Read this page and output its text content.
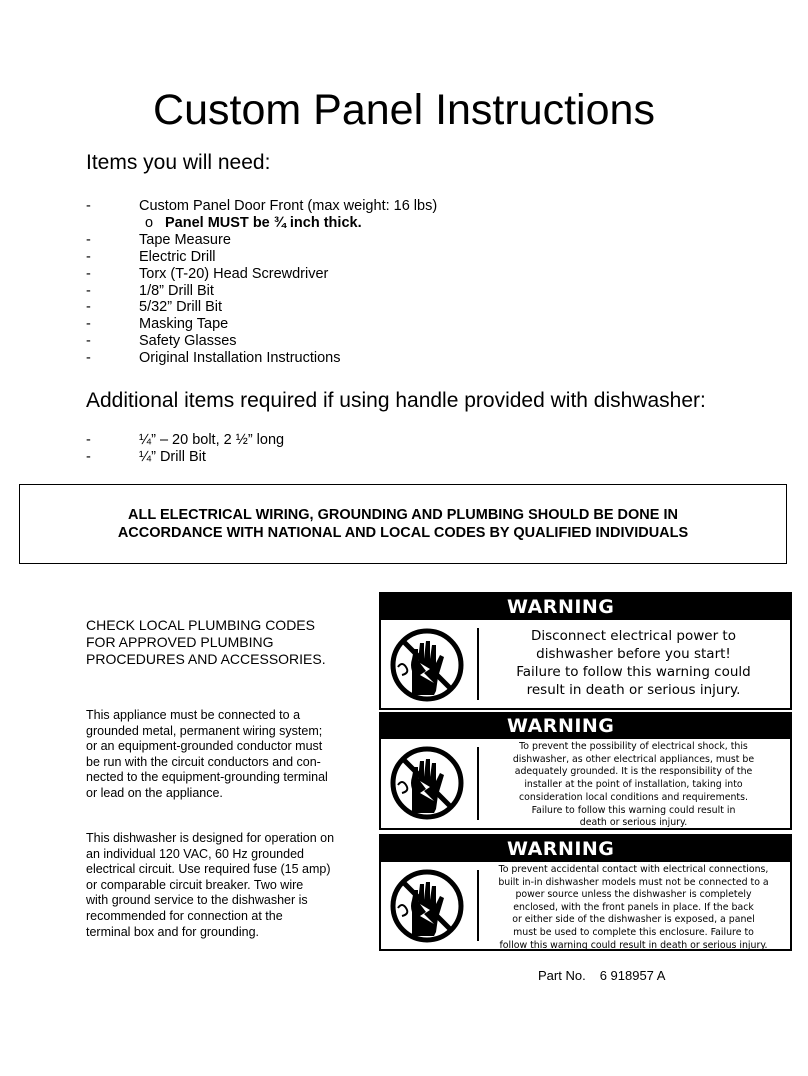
Custom Panel Instructions
Items you will need:
-	Custom Panel Door Front (max weight: 16 lbs)
o Panel MUST be ¾ inch thick.
-	Tape Measure
-	Electric Drill
-	Torx (T-20) Head Screwdriver
-	1/8” Drill Bit
-	5/32” Drill Bit
-	Masking Tape
-	Safety Glasses
-	Original Installation Instructions
Additional items required if using handle provided with dishwasher:
-	¼” – 20 bolt, 2 ½” long
-	¼” Drill Bit

ALL ELECTRICAL WIRING, GROUNDING AND PLUMBING SHOULD BE DONE IN
ACCORDANCE WITH NATIONAL AND LOCAL CODES BY QUALIFIED INDIVIDUALS

CHECK LOCAL PLUMBING CODES
FOR APPROVED PLUMBING
PROCEDURES AND ACCESSORIES.
This appliance must be connected to a
grounded metal, permanent wiring system;
or an equipment-grounded conductor must
be run with the circuit conductors and con-
nected to the equipment-grounding terminal
or lead on the appliance.
This dishwasher is designed for operation on
an individual 120 VAC, 60 Hz grounded
electrical circuit. Use required fuse (15 amp)
or comparable circuit breaker. Two wire
with ground service to the dishwasher is
recommended for connection at the
terminal box and for grounding.
WARNING
Disconnect electrical power to
dishwasher before you start!
Failure to follow this warning could
result in death or serious injury.
WARNING
To prevent the possibility of electrical shock, this
dishwasher, as other electrical appliances, must be
adequately grounded. It is the responsibility of the
installer at the point of installation, taking into
consideration local conditions and requirements.
Failure to follow this warning could result in
death or serious injury.
WARNING
To prevent accidental contact with electrical connections,
built in-in dishwasher models must not be connected to a
power source unless the dishwasher is completely
enclosed, with the front panels in place. If the back
or either side of the dishwasher is exposed, a panel
must be used to complete this enclosure. Failure to
follow this warning could result in death or serious injury.
Part No. 6 918957 A
